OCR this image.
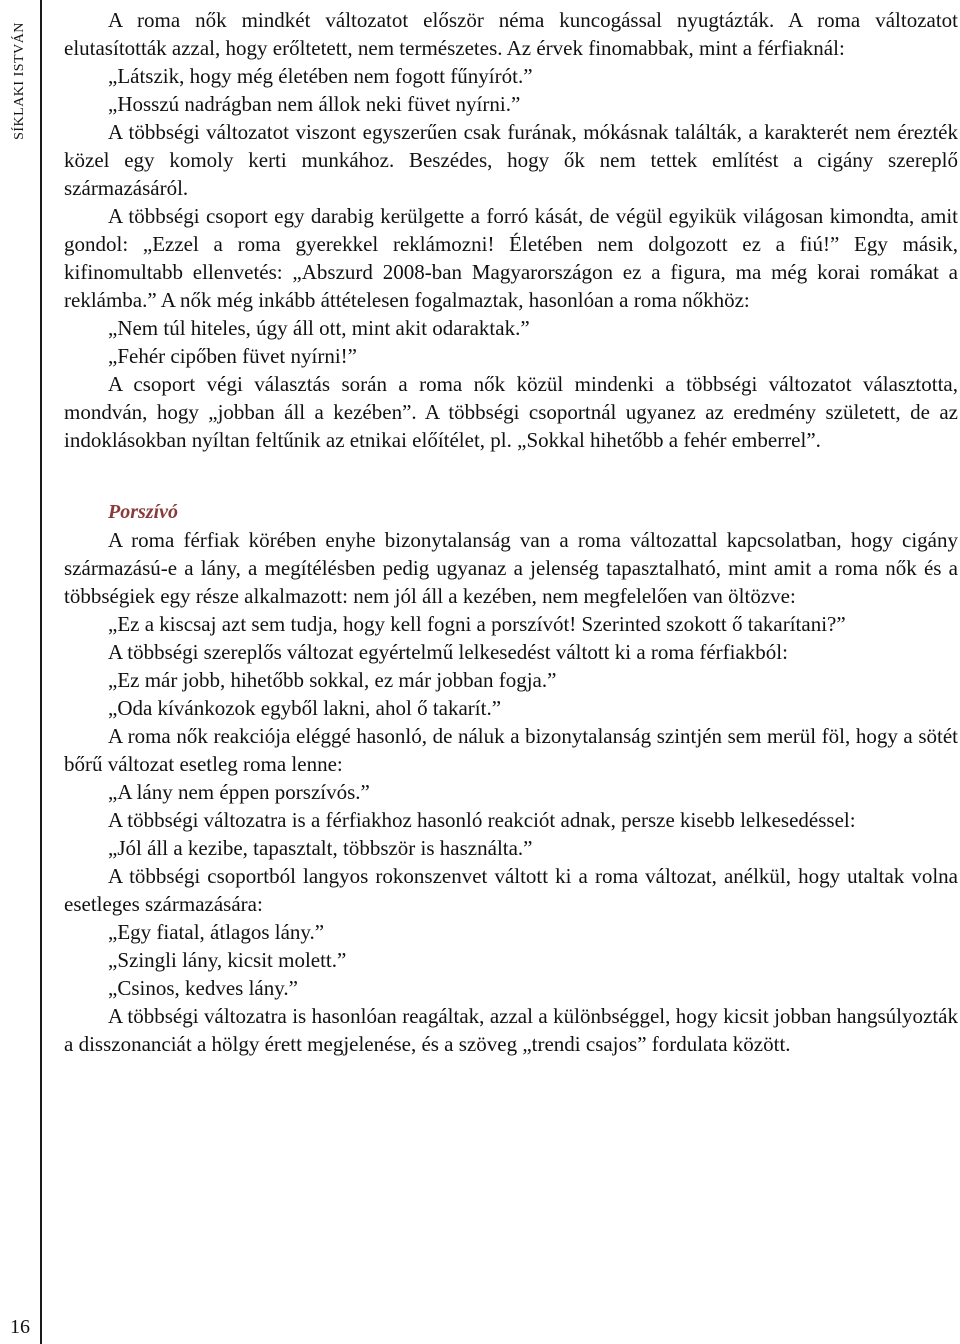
SÍKLAKI ISTVÁN
16

A roma nők mindkét változatot először néma kuncogással nyugtázták. A roma változatot elutasították azzal, hogy erőltetett, nem természetes. Az érvek finomabbak, mint a férfiaknál:

„Látszik, hogy még életében nem fogott fűnyírót.”

„Hosszú nadrágban nem állok neki füvet nyírni.”

A többségi változatot viszont egyszerűen csak furának, mókásnak találták, a karakterét nem érezték közel egy komoly kerti munkához. Beszédes, hogy ők nem tettek említést a cigány szereplő származásáról.

A többségi csoport egy darabig kerülgette a forró kását, de végül egyikük világosan kimondta, amit gondol: „Ezzel a roma gyerekkel reklámozni! Életében nem dolgozott ez a fiú!” Egy másik, kifinomultabb ellenvetés: „Abszurd 2008-ban Magyarországon ez a figura, ma még korai romákat a reklámba.” A nők még inkább áttételesen fogalmaztak, hasonlóan a roma nőkhöz:

„Nem túl hiteles, úgy áll ott, mint akit odaraktak.”

„Fehér cipőben füvet nyírni!”

A csoport végi választás során a roma nők közül mindenki a többségi változatot választotta, mondván, hogy „jobban áll a kezében”. A többségi csoportnál ugyanez az eredmény született, de az indoklásokban nyíltan feltűnik az etnikai előítélet, pl. „Sokkal hihetőbb a fehér emberrel”.

Porszívó

A roma férfiak körében enyhe bizonytalanság van a roma változattal kapcsolatban, hogy cigány származású-e a lány, a megítélésben pedig ugyanaz a jelenség tapasztalható, mint amit a roma nők és a többségiek egy része alkalmazott: nem jól áll a kezében, nem megfelelően van öltözve:

„Ez a kiscsaj azt sem tudja, hogy kell fogni a porszívót! Szerinted szokott ő takarítani?”

A többségi szereplős változat egyértelmű lelkesedést váltott ki a roma férfiakból:

„Ez már jobb, hihetőbb sokkal, ez már jobban fogja.”

„Oda kívánkozok egyből lakni, ahol ő takarít.”

A roma nők reakciója eléggé hasonló, de náluk a bizonytalanság szintjén sem merül föl, hogy a sötét bőrű változat esetleg roma lenne:

„A lány nem éppen porszívós.”

A többségi változatra is a férfiakhoz hasonló reakciót adnak, persze kisebb lelkesedéssel:

„Jól áll a kezibe, tapasztalt, többször is használta.”

A többségi csoportból langyos rokonszenvet váltott ki a roma változat, anélkül, hogy utaltak volna esetleges származására:

„Egy fiatal, átlagos lány.”

„Szingli lány, kicsit molett.”

„Csinos, kedves lány.”

A többségi változatra is hasonlóan reagáltak, azzal a különbséggel, hogy kicsit jobban hangsúlyozták a disszonanciát a hölgy érett megjelenése, és a szöveg „trendi csajos” fordulata között.
